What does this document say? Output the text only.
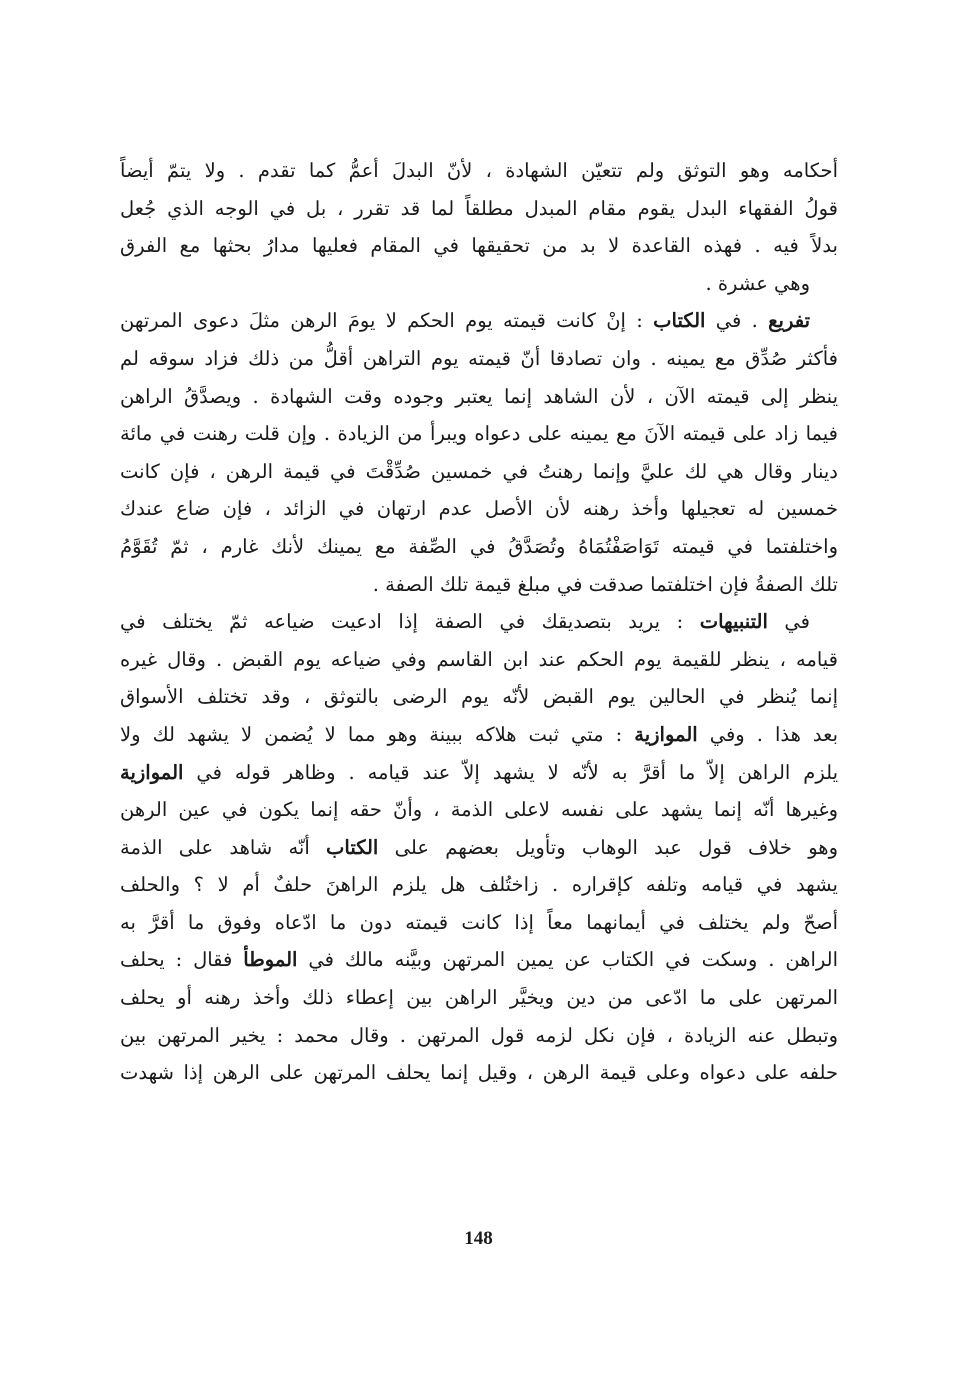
أحكامه وهو التوثق ولم تتعيّن الشهادة ، لأنّ البدلَ أعمُّ كما تقدم . ولا يتمّ أيضاً
قولُ الفقهاء البدل يقوم مقام المبدل مطلقاً لما قد تقرر ، بل في الوجه الذي جُعل
بدلاً فيه . فهذه القاعدة لا بد من تحقيقها في المقام فعليها مدارُ بحثها مع الفرق
وهي عشرة .

تفريع . في الكتاب : إنْ كانت قيمته يوم الحكم لا يومَ الرهن مثلَ دعوى المرتهن
فأكثر صُدِّق مع يمينه . وان تصادقا أنّ قيمته يوم التراهن أقلُّ من ذلك فزاد سوقه لم
ينظر إلى قيمته الآن ، لأن الشاهد إنما يعتبر وجوده وقت الشهادة . ويصدَّقُ الراهن
فيما زاد على قيمته الآنَ مع يمينه على دعواه ويبرأ من الزيادة . وإن قلت رهنت في مائة
دينار وقال هي لك عليَّ وإنما رهنتُ في خمسين صُدِّقْتَ في قيمة الرهن ، فإن كانت
خمسين له تعجيلها وأخذ رهنه لأن الأصل عدم ارتهان في الزائد ، فإن ضاع عندك
واختلفتما في قيمته تَوَاصَفْتُمَاهُ وتُصَدَّقُ في الصِّفة مع يمينك لأنك غارم ، ثمّ تُقَوَّمُ
تلك الصفةُ فإن اختلفتما صدقت في مبلغ قيمة تلك الصفة .

في التنبيهات : يريد بتصديقك في الصفة إذا ادعيت ضياعه ثمّ يختلف في
قيامه ، ينظر للقيمة يوم الحكم عند ابن القاسم وفي ضياعه يوم القبض . وقال غيره
إنما يُنظر في الحالين يوم القبض لأنّه يوم الرضى بالتوثق ، وقد تختلف الأسواق
بعد هذا . وفي الموازية : متي ثبت هلاكه ببينة وهو مما لا يُضمن لا يشهد لك ولا
يلزم الراهن إلاّ ما أقرَّ به لأنّه لا يشهد إلاّ عند قيامه . وظاهر قوله في الموازية
وغيرها أنّه إنما يشهد على نفسه لاعلى الذمة ، وأنّ حقه إنما يكون في عين الرهن
وهو خلاف قول عبد الوهاب وتأويل بعضهم على الكتاب أنّه شاهد على الذمة
يشهد في قيامه وتلفه كإقراره . زاختُلف هل يلزم الراهنَ حلفٌ أم لا ؟ والحلف
أصحّ ولم يختلف في أيمانهما معاً إذا كانت قيمته دون ما ادّعاه وفوق ما أقرَّ به
الراهن . وسكت في الكتاب عن يمين المرتهن وبيَّنه مالك في الموطأ فقال : يحلف
المرتهن على ما ادّعى من دين ويخيَّر الراهن بين إعطاء ذلك وأخذ رهنه أو يحلف
وتبطل عنه الزيادة ، فإن نكل لزمه قول المرتهن . وقال محمد : يخير المرتهن بين
حلفه على دعواه وعلى قيمة الرهن ، وقيل إنما يحلف المرتهن على الرهن إذا شهدت

148
